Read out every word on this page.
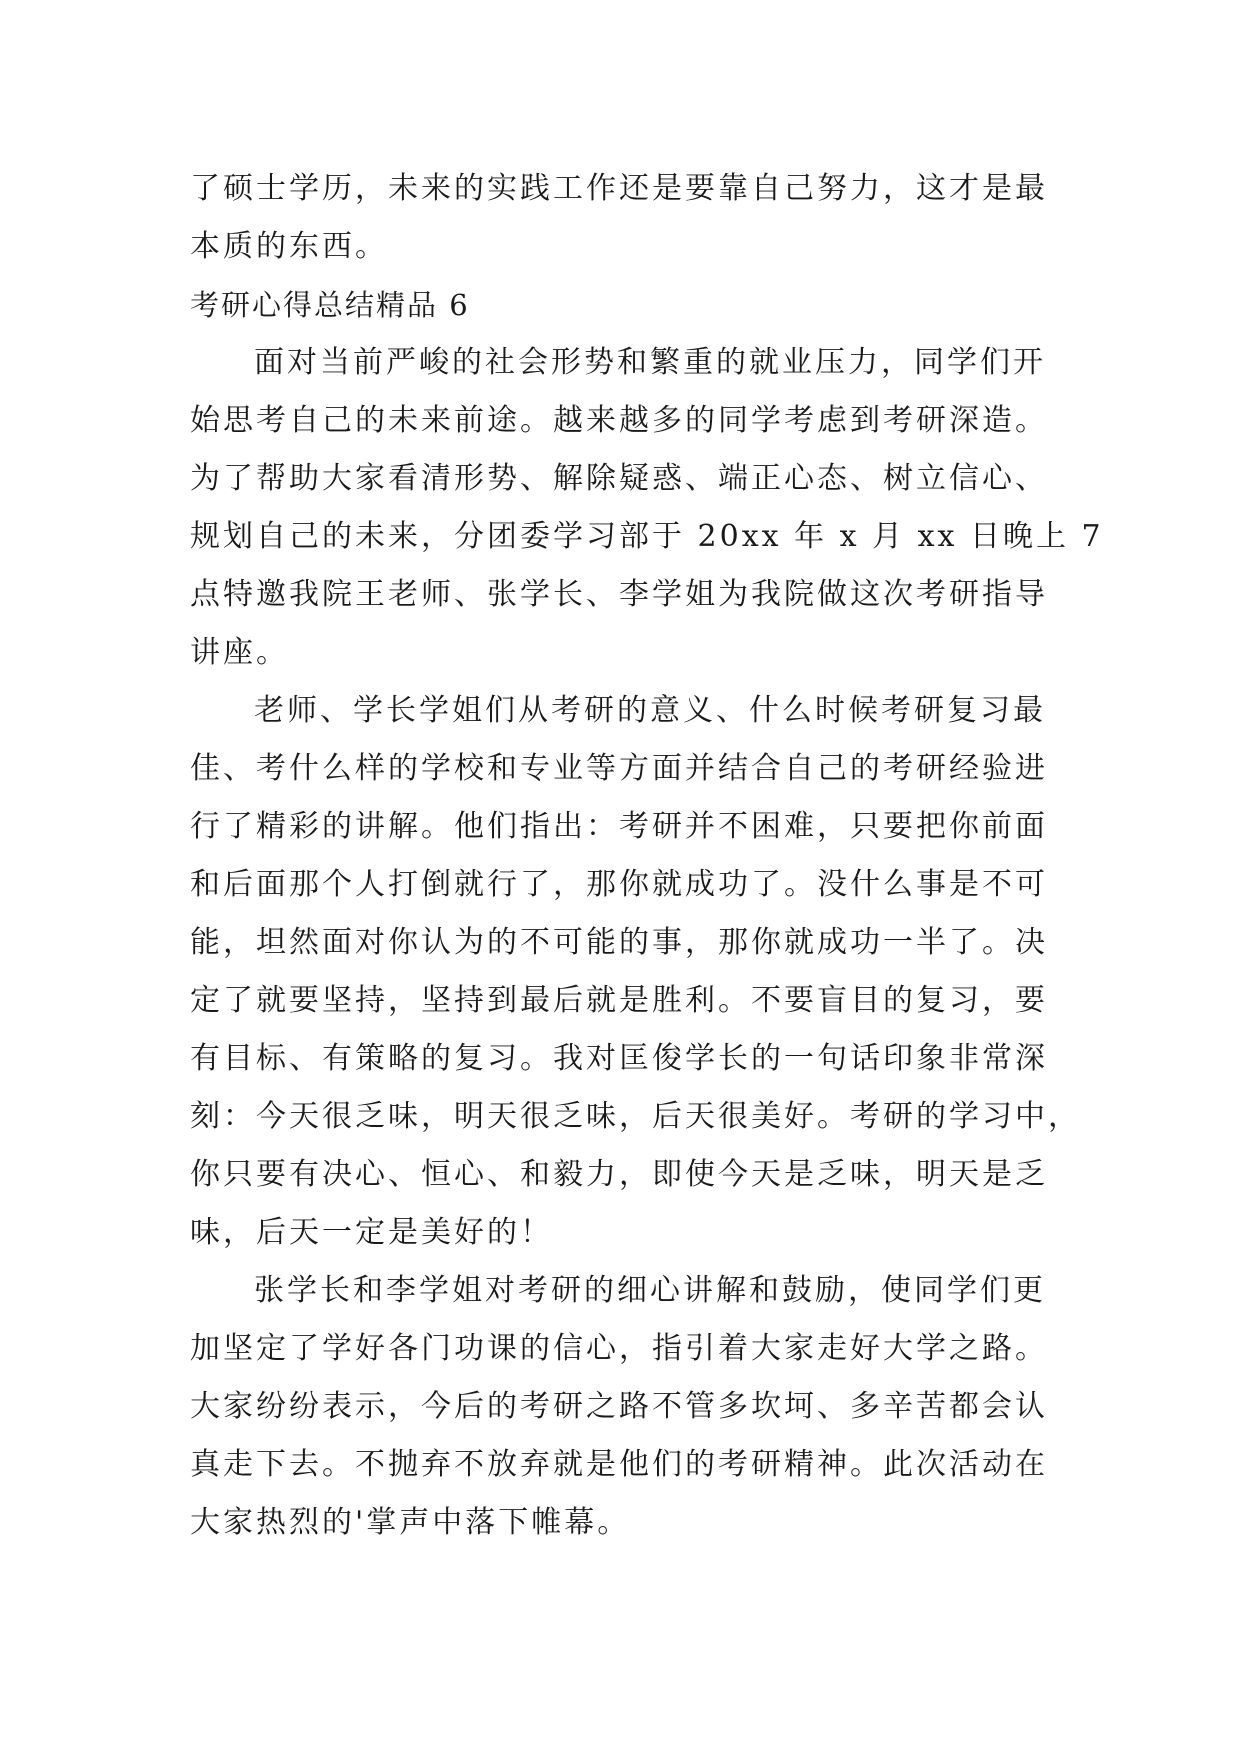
了硕士学历，未来的实践工作还是要靠自己努力，这才是最
本质的东西。
考研心得总结精品 6
面对当前严峻的社会形势和繁重的就业压力，同学们开
始思考自己的未来前途。越来越多的同学考虑到考研深造。
为了帮助大家看清形势、解除疑惑、端正心态、树立信心、
规划自己的未来，分团委学习部于 20xx 年 x 月 xx 日晚上 7
点特邀我院王老师、张学长、李学姐为我院做这次考研指导
讲座。
老师、学长学姐们从考研的意义、什么时候考研复习最
佳、考什么样的学校和专业等方面并结合自己的考研经验进
行了精彩的讲解。他们指出：考研并不困难，只要把你前面
和后面那个人打倒就行了，那你就成功了。没什么事是不可
能，坦然面对你认为的不可能的事，那你就成功一半了。决
定了就要坚持，坚持到最后就是胜利。不要盲目的复习，要
有目标、有策略的复习。我对匡俊学长的一句话印象非常深
刻：今天很乏味，明天很乏味，后天很美好。考研的学习中，
你只要有决心、恒心、和毅力，即使今天是乏味，明天是乏
味，后天一定是美好的！
张学长和李学姐对考研的细心讲解和鼓励，使同学们更
加坚定了学好各门功课的信心，指引着大家走好大学之路。
大家纷纷表示，今后的考研之路不管多坎坷、多辛苦都会认
真走下去。不抛弃不放弃就是他们的考研精神。此次活动在
大家热烈的'掌声中落下帷幕。
